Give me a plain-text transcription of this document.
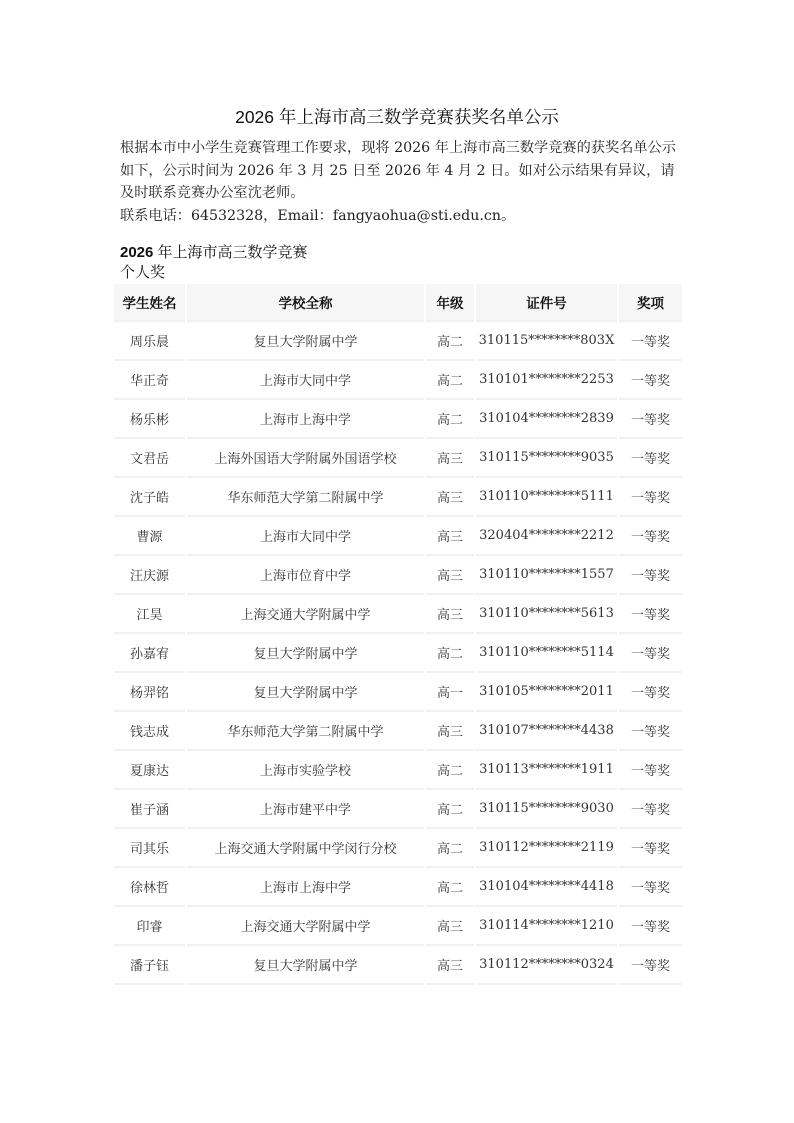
2026 年上海市高三数学竞赛获奖名单公示

根据本市中小学生竞赛管理工作要求，现将 2026 年上海市高三数学竞赛的获奖名单公示如下，公示时间为 2026 年 3 月 25 日至 2026 年 4 月 2 日。如对公示结果有异议，请及时联系竞赛办公室沈老师。

联系电话：64532328，Email：fangyaohua@sti.edu.cn。

2026 年上海市高三数学竞赛
个人奖
学生姓名	学校全称	年级	证件号	奖项
周乐晨	复旦大学附属中学	高二	310115********803X	一等奖
华正奇	上海市大同中学	高二	310101********2253	一等奖
杨乐彬	上海市上海中学	高二	310104********2839	一等奖
文君岳	上海外国语大学附属外国语学校	高三	310115********9035	一等奖
沈子皓	华东师范大学第二附属中学	高三	310110********5111	一等奖
曹源	上海市大同中学	高三	320404********2212	一等奖
汪庆源	上海市位育中学	高三	310110********1557	一等奖
江昊	上海交通大学附属中学	高三	310110********5613	一等奖
孙嘉宥	复旦大学附属中学	高二	310110********5114	一等奖
杨羿铭	复旦大学附属中学	高一	310105********2011	一等奖
钱志成	华东师范大学第二附属中学	高三	310107********4438	一等奖
夏康达	上海市实验学校	高二	310113********1911	一等奖
崔子涵	上海市建平中学	高二	310115********9030	一等奖
司其乐	上海交通大学附属中学闵行分校	高二	310112********2119	一等奖
徐林哲	上海市上海中学	高二	310104********4418	一等奖
印睿	上海交通大学附属中学	高三	310114********1210	一等奖
潘子钰	复旦大学附属中学	高三	310112********0324	一等奖
